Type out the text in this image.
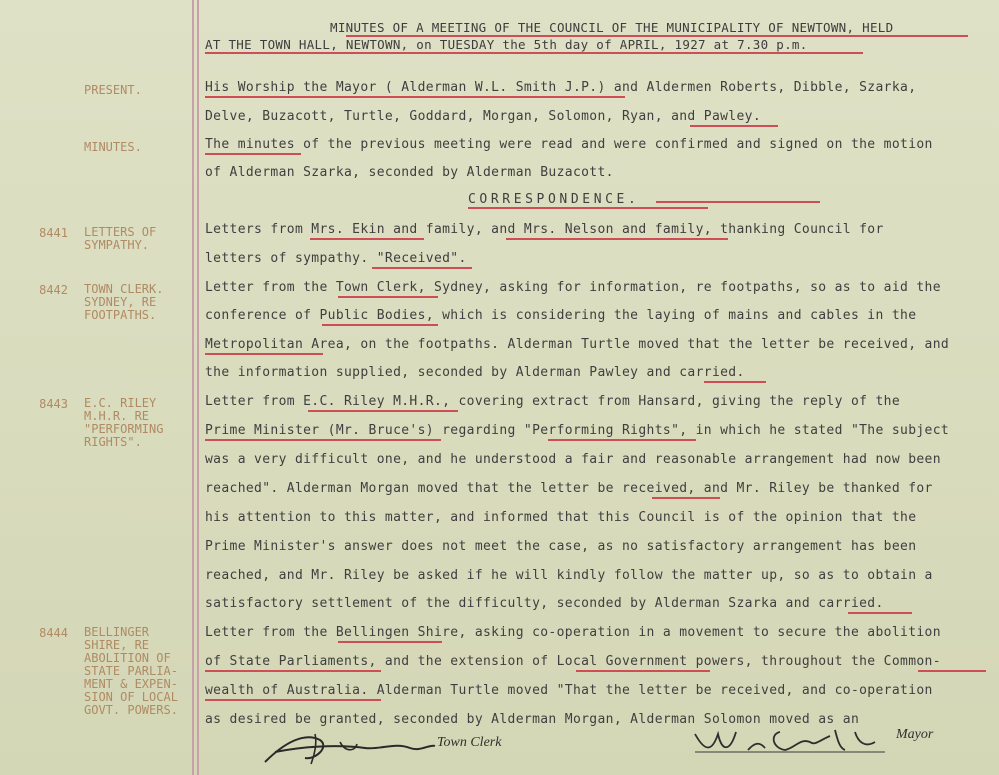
MINUTES OF A MEETING OF THE COUNCIL OF THE MUNICIPALITY OF NEWTOWN, HELD
AT THE TOWN HALL, NEWTOWN, on TUESDAY the 5th day of APRIL, 1927 at 7.30 p.m.
PRESENT.
MINUTES.
8441 LETTERS OF
SYMPATHY.
8442 TOWN CLERK.
SYDNEY, RE
FOOTPATHS.
8443 E.C. RILEY
M.H.R. RE
"PERFORMING
RIGHTS".
8444 BELLINGER
SHIRE, RE
ABOLITION OF
STATE PARLIA-
MENT & EXPEN-
SION OF LOCAL
GOVT. POWERS.
His Worship the Mayor ( Alderman W.L. Smith J.P.) and Aldermen Roberts, Dibble, Szarka,
Delve, Buzacott, Turtle, Goddard, Morgan, Solomon, Ryan, and Pawley.
The minutes of the previous meeting were read and were confirmed and signed on the motion
of Alderman Szarka, seconded by Alderman Buzacott.
CORRESPONDENCE.
Letters from Mrs. Ekin and family, and Mrs. Nelson and family, thanking Council for
letters of sympathy. "Received".
Letter from the Town Clerk, Sydney, asking for information, re footpaths, so as to aid the
conference of Public Bodies, which is considering the laying of mains and cables in the
Metropolitan Area, on the footpaths. Alderman Turtle moved that the letter be received, and
the information supplied, seconded by Alderman Pawley and carried.
Letter from E.C. Riley M.H.R., covering extract from Hansard, giving the reply of the
Prime Minister (Mr. Bruce's) regarding "Performing Rights", in which he stated "The subject
was a very difficult one, and he understood a fair and reasonable arrangement had now been
reached". Alderman Morgan moved that the letter be received, and Mr. Riley be thanked for
his attention to this matter, and informed that this Council is of the opinion that the
Prime Minister's answer does not meet the case, as no satisfactory arrangement has been
reached, and Mr. Riley be asked if he will kindly follow the matter up, so as to obtain a
satisfactory settlement of the difficulty, seconded by Alderman Szarka and carried.
Letter from the Bellingen Shire, asking co-operation in a movement to secure the abolition
of State Parliaments, and the extension of Local Government powers, throughout the Common-
wealth of Australia. Alderman Turtle moved "That the letter be received, and co-operation
as desired be granted, seconded by Alderman Morgan, Alderman Solomon moved as an
Town Clerk
Mayor
